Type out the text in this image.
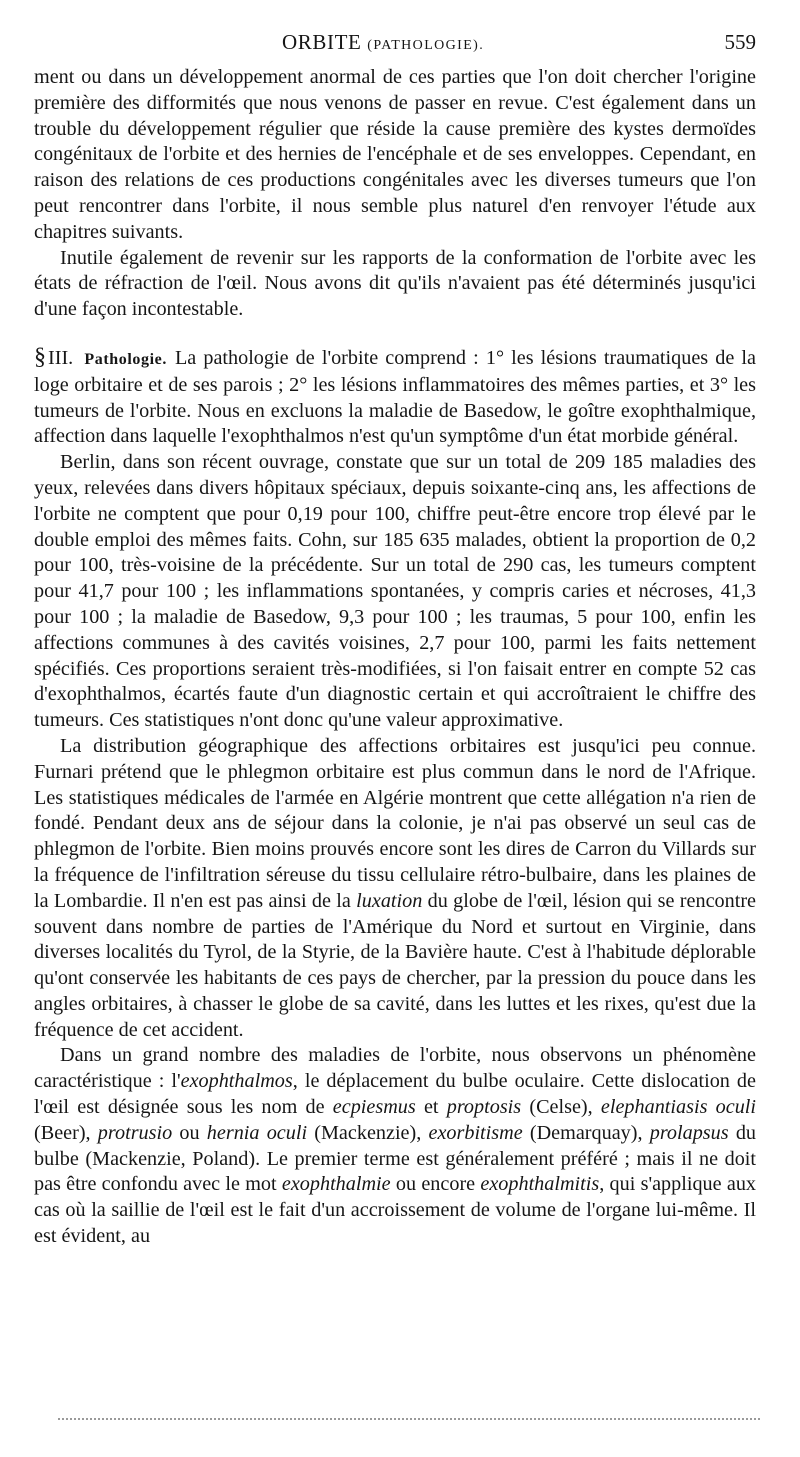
ORBITE (PATHOLOGIE).	559

ment ou dans un développement anormal de ces parties que l'on doit chercher l'origine première des difformités que nous venons de passer en revue. C'est également dans un trouble du développement régulier que réside la cause première des kystes dermoïdes congénitaux de l'orbite et des hernies de l'encéphale et de ses enveloppes. Cependant, en raison des relations de ces productions congénitales avec les diverses tumeurs que l'on peut rencontrer dans l'orbite, il nous semble plus naturel d'en renvoyer l'étude aux chapitres suivants.

Inutile également de revenir sur les rapports de la conformation de l'orbite avec les états de réfraction de l'œil. Nous avons dit qu'ils n'avaient pas été déterminés jusqu'ici d'une façon incontestable.

§III. Pathologie. La pathologie de l'orbite comprend : 1° les lésions traumatiques de la loge orbitaire et de ses parois ; 2° les lésions inflammatoires des mêmes parties, et 3° les tumeurs de l'orbite. Nous en excluons la maladie de Basedow, le goître exophthalmique, affection dans laquelle l'exophthalmos n'est qu'un symptôme d'un état morbide général.

Berlin, dans son récent ouvrage, constate que sur un total de 209 185 maladies des yeux, relevées dans divers hôpitaux spéciaux, depuis soixante-cinq ans, les affections de l'orbite ne comptent que pour 0,19 pour 100, chiffre peut-être encore trop élevé par le double emploi des mêmes faits. Cohn, sur 185 635 malades, obtient la proportion de 0,2 pour 100, très-voisine de la précédente. Sur un total de 290 cas, les tumeurs comptent pour 41,7 pour 100 ; les inflammations spontanées, y compris caries et nécroses, 41,3 pour 100 ; la maladie de Basedow, 9,3 pour 100 ; les traumas, 5 pour 100, enfin les affections communes à des cavités voisines, 2,7 pour 100, parmi les faits nettement spécifiés. Ces proportions seraient très-modifiées, si l'on faisait entrer en compte 52 cas d'exophthalmos, écartés faute d'un diagnostic certain et qui accroîtraient le chiffre des tumeurs. Ces statistiques n'ont donc qu'une valeur approximative.

La distribution géographique des affections orbitaires est jusqu'ici peu connue. Furnari prétend que le phlegmon orbitaire est plus commun dans le nord de l'Afrique. Les statistiques médicales de l'armée en Algérie montrent que cette allégation n'a rien de fondé. Pendant deux ans de séjour dans la colonie, je n'ai pas observé un seul cas de phlegmon de l'orbite. Bien moins prouvés encore sont les dires de Carron du Villards sur la fréquence de l'infiltration séreuse du tissu cellulaire rétro-bulbaire, dans les plaines de la Lombardie. Il n'en est pas ainsi de la luxation du globe de l'œil, lésion qui se rencontre souvent dans nombre de parties de l'Amérique du Nord et surtout en Virginie, dans diverses localités du Tyrol, de la Styrie, de la Bavière haute. C'est à l'habitude déplorable qu'ont conservée les habitants de ces pays de chercher, par la pression du pouce dans les angles orbitaires, à chasser le globe de sa cavité, dans les luttes et les rixes, qu'est due la fréquence de cet accident.

Dans un grand nombre des maladies de l'orbite, nous observons un phénomène caractéristique : l'exophthalmos, le déplacement du bulbe oculaire. Cette dislocation de l'œil est désignée sous les nom de ecpiesmus et proptosis (Celse), elephantiasis oculi (Beer), protrusio ou hernia oculi (Mackenzie), exorbitisme (Demarquay), prolapsus du bulbe (Mackenzie, Poland). Le premier terme est généralement préféré ; mais il ne doit pas être confondu avec le mot exophthalmie ou encore exophthalmitis, qui s'applique aux cas où la saillie de l'œil est le fait d'un accroissement de volume de l'organe lui-même. Il est évident, au
